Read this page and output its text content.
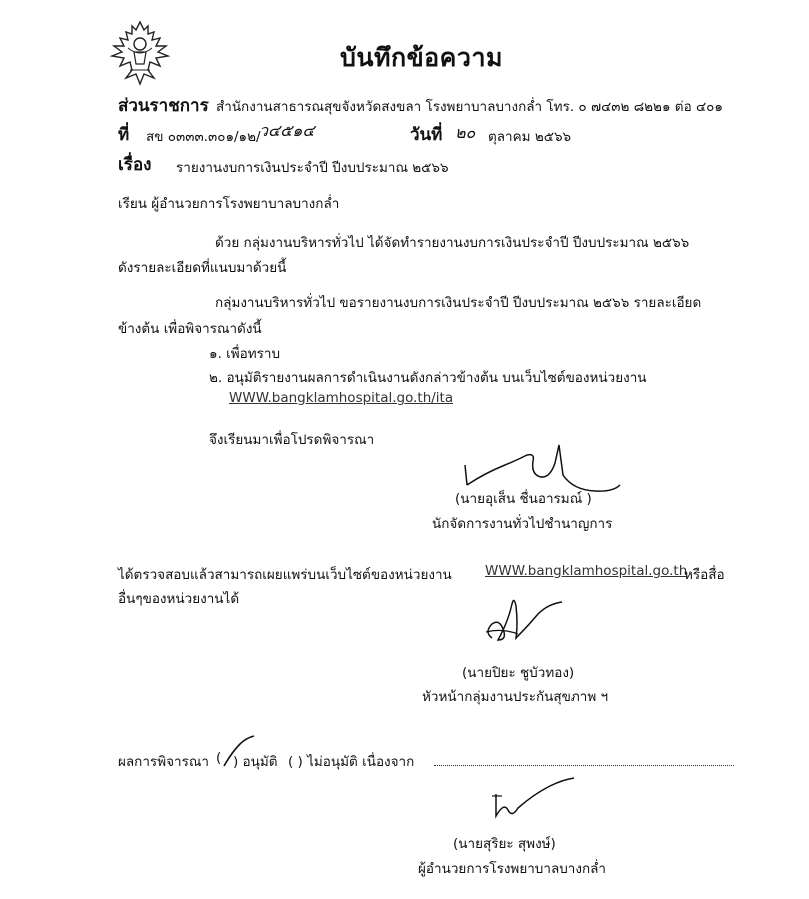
บันทึกข้อความ
ส่วนราชการ สำนักงานสาธารณสุขจังหวัดสงขลา โรงพยาบาลบางกล่ำ โทร. ๐ ๗๔๓๒ ๘๒๒๑ ต่อ ๔๐๑
ที่ สข ๐๓๓๓.๓๐๑/๑๒/
ว๔๕๑๔	วันที่ ๒๐ ตุลาคม ๒๕๖๖
เรื่อง รายงานงบการเงินประจำปี ปีงบประมาณ ๒๕๖๖
เรียน ผู้อำนวยการโรงพยาบาลบางกล่ำ
ด้วย กลุ่มงานบริหารทั่วไป ได้จัดทำรายงานงบการเงินประจำปี ปีงบประมาณ ๒๕๖๖
ดังรายละเอียดที่แนบมาด้วยนี้
กลุ่มงานบริหารทั่วไป ขอรายงานงบการเงินประจำปี ปีงบประมาณ ๒๕๖๖ รายละเอียด
ข้างต้น เพื่อพิจารณาดังนี้
๑. เพื่อทราบ
๒. อนุมัติรายงานผลการดำเนินงานดังกล่าวข้างต้น บนเว็บไซต์ของหน่วยงาน
WWW.bangklamhospital.go.th/ita
จึงเรียนมาเพื่อโปรดพิจารณา
(นายอุเส็น ชื่นอารมณ์ )
นักจัดการงานทั่วไปชำนาญการ
ได้ตรวจสอบแล้วสามารถเผยแพร่บนเว็บไซต์ของหน่วยงาน WWW.bangklamhospital.go.th
หรือสื่อ
อื่นๆของหน่วยงานได้
(นายปิยะ ชูบัวทอง)
หัวหน้ากลุ่มงานประกันสุขภาพ ฯ
ผลการพิจารณา ( ) อนุมัติ ( ) ไม่อนุมัติ เนื่องจาก
(นายสุริยะ สุพงษ์)
ผู้อำนวยการโรงพยาบาลบางกล่ำ
